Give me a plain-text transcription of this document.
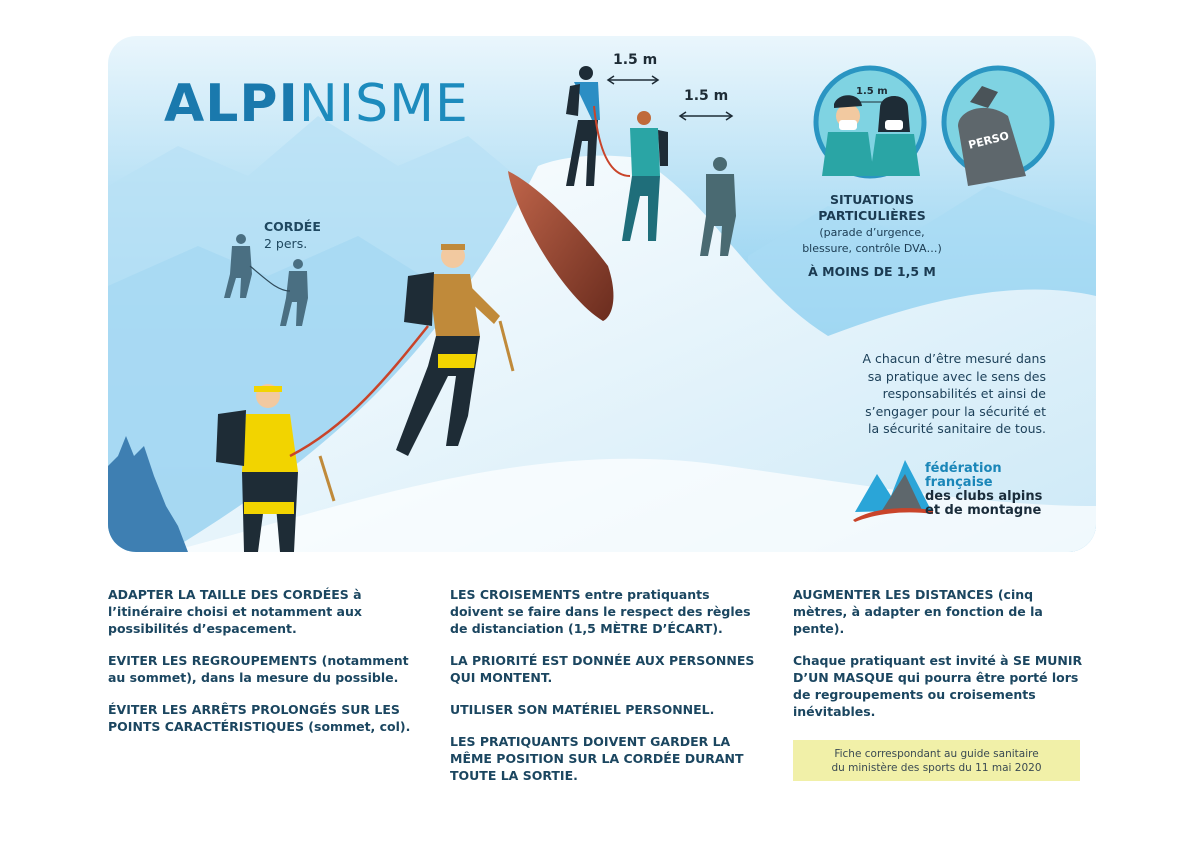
ALPINISME
CORDÉE
2 pers.
1.5 m
1.5 m	1.5 m
PERSO
SITUATIONS
PARTICULIÈRES
(parade d’urgence,
blessure, contrôle DVA…)
À MOINS DE 1,5 M
A chacun d’être mesuré dans
sa pratique avec le sens des
responsabilités et ainsi de
s’engager pour la sécurité et
la sécurité sanitaire de tous.
fédération française
des clubs alpins
et de montagne

ADAPTER LA TAILLE DES CORDÉES à l’itinéraire choisi et notamment aux possibilités d’espacement.

EVITER LES REGROUPEMENTS (notamment au sommet), dans la mesure du possible.

ÉVITER LES ARRÊTS PROLONGÉS SUR LES POINTS CARACTÉRISTIQUES (sommet, col).

LES CROISEMENTS entre pratiquants doivent se faire dans le respect des règles de distanciation (1,5 MÈTRE D’ÉCART).

LA PRIORITÉ EST DONNÉE AUX PERSONNES QUI MONTENT.

UTILISER SON MATÉRIEL PERSONNEL.

LES PRATIQUANTS DOIVENT GARDER LA MÊME POSITION SUR LA CORDÉE DURANT TOUTE LA SORTIE.

AUGMENTER LES DISTANCES (cinq mètres, à adapter en fonction de la pente).

Chaque pratiquant est invité à SE MUNIR D’UN MASQUE qui pourra être porté lors de regroupements ou croisements inévitables.

Fiche correspondant au guide sanitaire
du ministère des sports du 11 mai 2020
